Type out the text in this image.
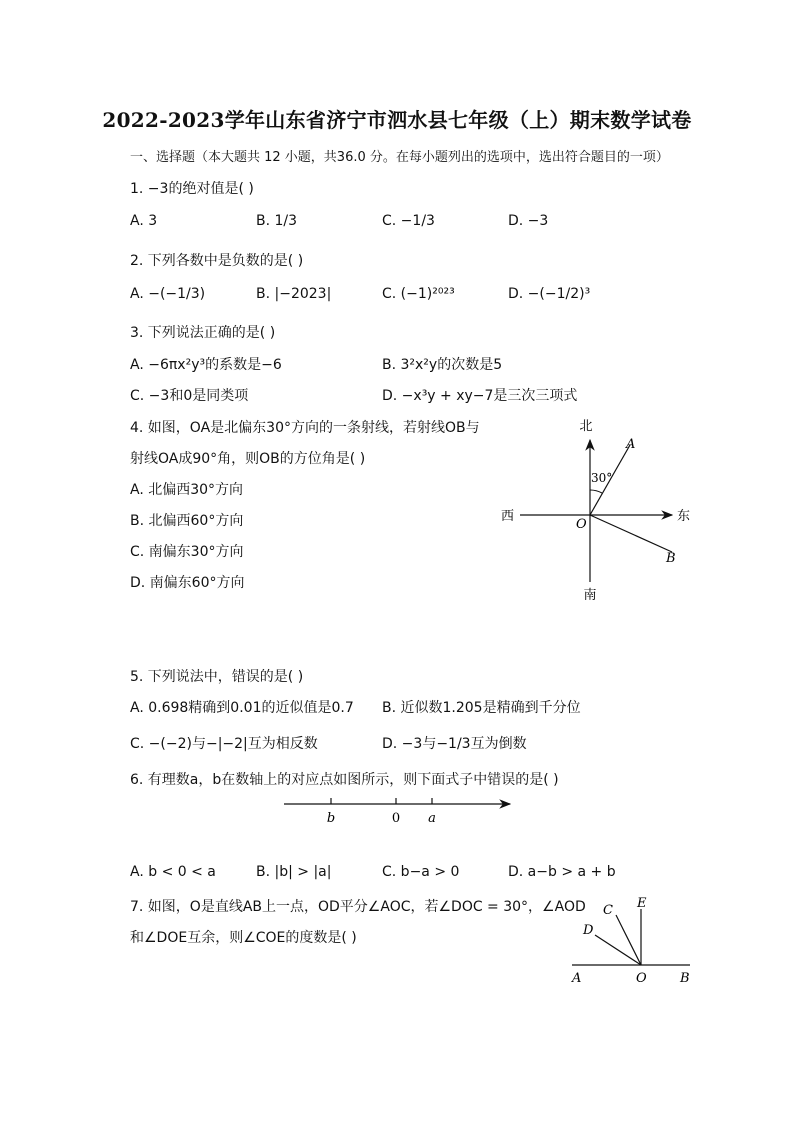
2022-2023学年山东省济宁市泗水县七年级（上）期末数学试卷
一、选择题（本大题共 12 小题，共36.0 分。在每小题列出的选项中，选出符合题目的一项）
1. −3的绝对值是( )
A. 3	B. 1/3	C. −1/3	D. −3
2. 下列各数中是负数的是( )
A. −(−1/3)	B. |−2023|	C. (−1)²⁰²³	D. −(−1/2)³
3. 下列说法正确的是( )
A. −6πx²y³的系数是−6	B. 3²x²y的次数是5
C. −3和0是同类项	D. −x³y + xy−7是三次三项式
4. 如图，OA是北偏东30°方向的一条射线，若射线OB与
射线OA成90°角，则OB的方位角是( )
A. 北偏西30°方向
B. 北偏西60°方向
C. 南偏东30°方向
D. 南偏东60°方向
北
南
西	东
A
B
O
30°
5. 下列说法中，错误的是( )
A. 0.698精确到0.01的近似值是0.7 B. 近似数1.205是精确到千分位
C. −(−2)与−|−2|互为相反数	D. −3与−1/3互为倒数
6. 有理数a，b在数轴上的对应点如图所示，则下面式子中错误的是( )
b	0 a
A. b < 0 < a	B. |b| > |a|	C. b−a > 0	D. a−b > a + b
7. 如图，O是直线AB上一点，OD平分∠AOC，若∠DOC = 30°，∠AOD
和∠DOE互余，则∠COE的度数是( )
A	O	B
C
D
E
